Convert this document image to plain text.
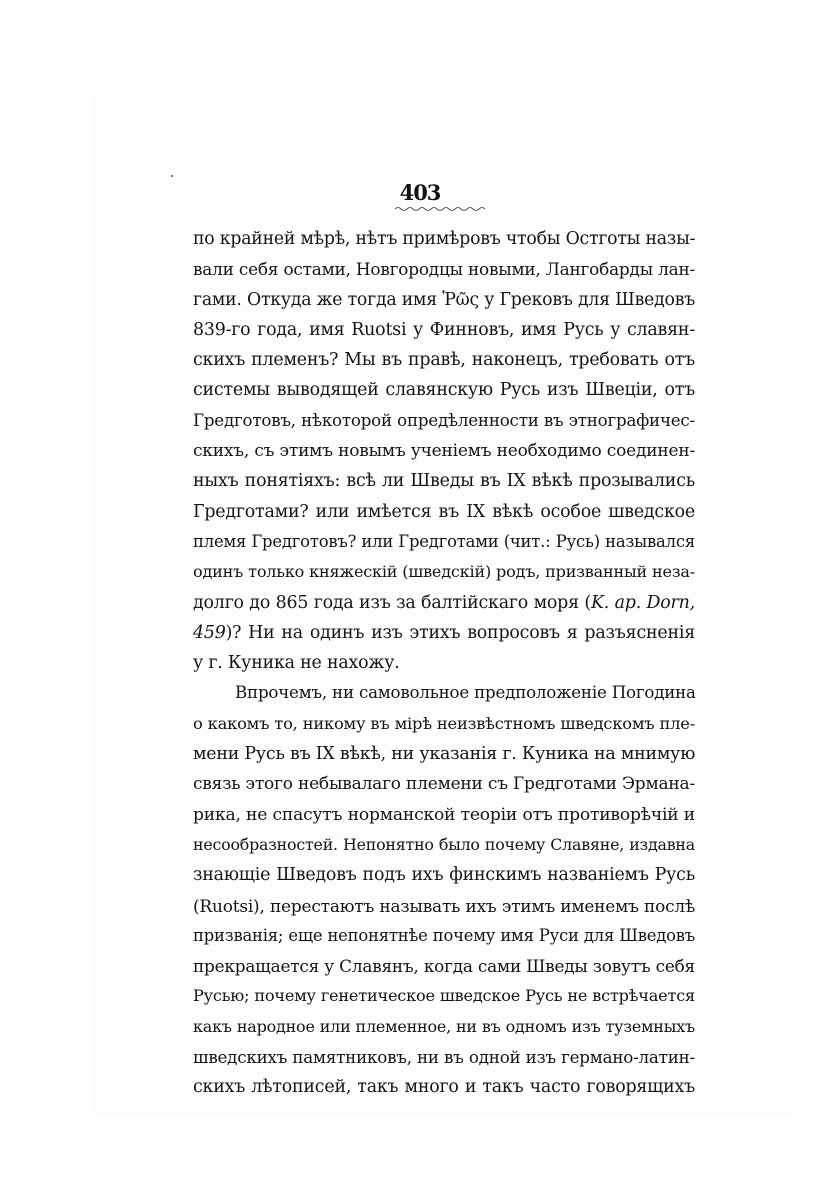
403
по крайней мѣрѣ, нѣтъ примѣровъ чтобы Остготы назы-
вали себя остами, Новгородцы новыми, Лангобарды лан-
гами. Откуда же тогда имя Ῥῶς у Грековъ для Шведовъ
839-го года, имя Ruotsi у Финновъ, имя Русь у славян-
скихъ племенъ? Мы въ правѣ, наконецъ, требовать отъ
системы выводящей славянскую Русь изъ Швеціи, отъ
Гредготовъ, нѣкоторой опредѣленности въ этнографичес-
скихъ, съ этимъ новымъ ученіемъ необходимо соединен-
ныхъ понятіяхъ: всѣ ли Шведы въ IX вѣкѣ прозывались
Гредготами? или имѣется въ IX вѣкѣ особое шведское
племя Гредготовъ? или Гредготами (чит.: Русь) назывался
одинъ только княжескій (шведскій) родъ, призванный неза-
долго до 865 года изъ за балтійскаго моря (K. ap. Dorn,
459)? Ни на одинъ изъ этихъ вопросовъ я разъясненія
у г. Куника не нахожу.
Впрочемъ, ни самовольное предположеніе Погодина
о какомъ то, никому въ мірѣ неизвѣстномъ шведскомъ пле-
мени Русь въ IX вѣкѣ, ни указанія г. Куника на мнимую
связь этого небывалаго племени съ Гредготами Эрмана-
рика, не спасутъ норманской теоріи отъ противорѣчій и
несообразностей. Непонятно было почему Славяне, издавна
знающіе Шведовъ подъ ихъ финскимъ названіемъ Русь
(Ruotsi), перестаютъ называть ихъ этимъ именемъ послѣ
призванія; еще непонятнѣе почему имя Руси для Шведовъ
прекращается у Славянъ, когда сами Шведы зовутъ себя
Русью; почему генетическое шведское Русь не встрѣчается
какъ народное или племенное, ни въ одномъ изъ туземныхъ
шведскихъ памятниковъ, ни въ одной изъ германо-латин-
скихъ лѣтописей, такъ много и такъ часто говорящихъ
